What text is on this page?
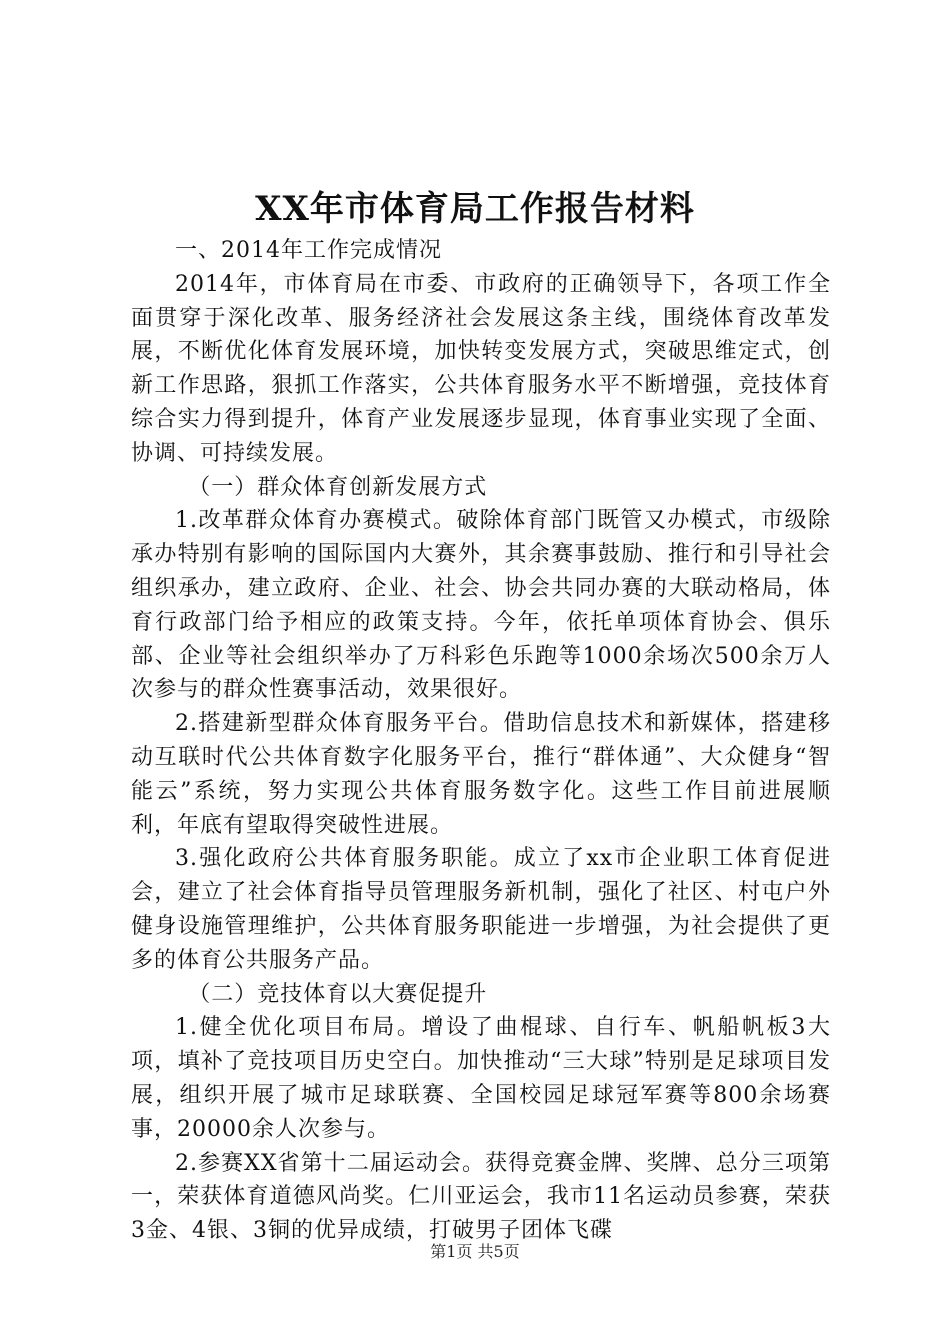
XX年市体育局工作报告材料

一、2014年工作完成情况

2014年，市体育局在市委、市政府的正确领导下，各项工作全面贯穿于深化改革、服务经济社会发展这条主线，围绕体育改革发展，不断优化体育发展环境，加快转变发展方式，突破思维定式，创新工作思路，狠抓工作落实，公共体育服务水平不断增强，竞技体育综合实力得到提升，体育产业发展逐步显现，体育事业实现了全面、协调、可持续发展。

（一）群众体育创新发展方式

1.改革群众体育办赛模式。破除体育部门既管又办模式，市级除承办特别有影响的国际国内大赛外，其余赛事鼓励、推行和引导社会组织承办，建立政府、企业、社会、协会共同办赛的大联动格局，体育行政部门给予相应的政策支持。今年，依托单项体育协会、俱乐部、企业等社会组织举办了万科彩色乐跑等1000余场次500余万人次参与的群众性赛事活动，效果很好。

2.搭建新型群众体育服务平台。借助信息技术和新媒体，搭建移动互联时代公共体育数字化服务平台，推行“群体通”、大众健身“智能云”系统，努力实现公共体育服务数字化。这些工作目前进展顺利，年底有望取得突破性进展。

3.强化政府公共体育服务职能。成立了xx市企业职工体育促进会，建立了社会体育指导员管理服务新机制，强化了社区、村屯户外健身设施管理维护，公共体育服务职能进一步增强，为社会提供了更多的体育公共服务产品。

（二）竞技体育以大赛促提升

1.健全优化项目布局。增设了曲棍球、自行车、帆船帆板3大项，填补了竞技项目历史空白。加快推动“三大球”特别是足球项目发展，组织开展了城市足球联赛、全国校园足球冠军赛等800余场赛事，20000余人次参与。

2.参赛XX省第十二届运动会。获得竞赛金牌、奖牌、总分三项第一，荣获体育道德风尚奖。仁川亚运会，我市11名运动员参赛，荣获3金、4银、3铜的优异成绩，打破男子团体飞碟

第1页 共5页
